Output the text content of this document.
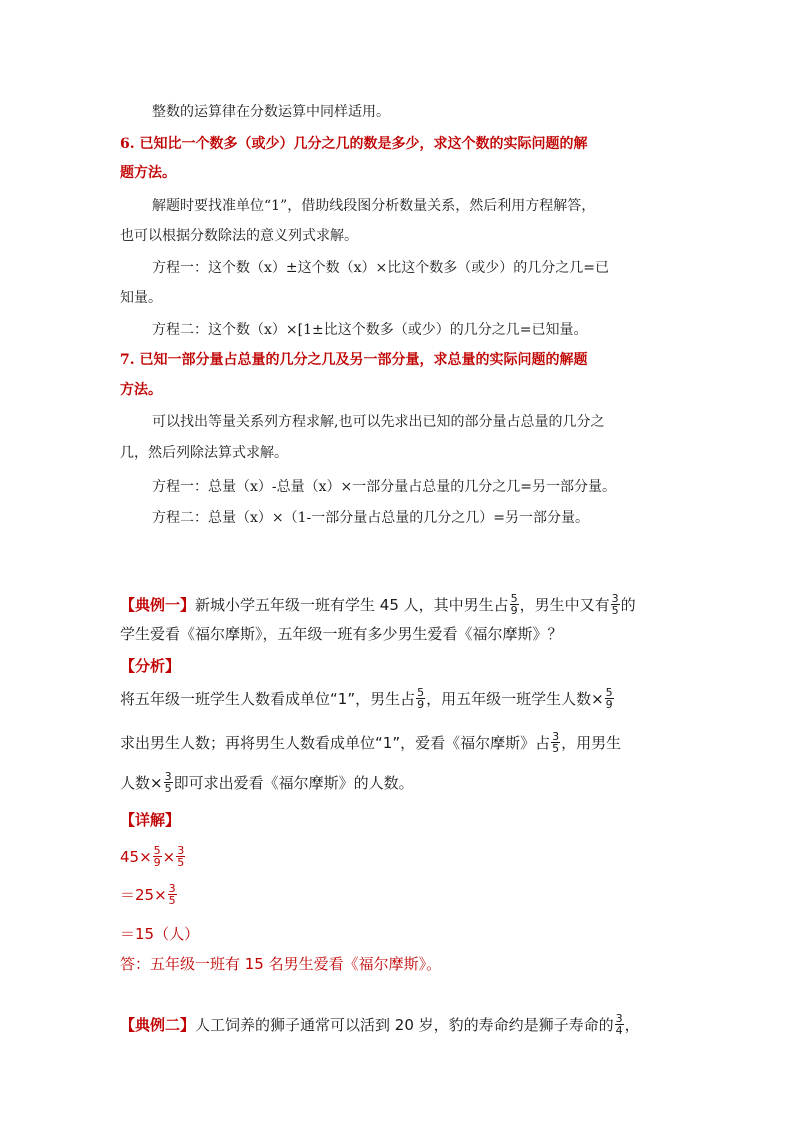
整数的运算律在分数运算中同样适用。
6. 已知比一个数多（或少）几分之几的数是多少，求这个数的实际问题的解
题方法。
解题时要找准单位“1”，借助线段图分析数量关系，然后利用方程解答，
也可以根据分数除法的意义列式求解。
方程一：这个数（x）±这个数（x）×比这个数多（或少）的几分之几=已
知量。
方程二：这个数（x）×[1±比这个数多（或少）的几分之几=已知量。
7. 已知一部分量占总量的几分之几及另一部分量，求总量的实际问题的解题
方法。
可以找出等量关系列方程求解,也可以先求出已知的部分量占总量的几分之
几，然后列除法算式求解。
方程一：总量（x）-总量（x）×一部分量占总量的几分之几=另一部分量。
方程二：总量（x）×（1-一部分量占总量的几分之几）=另一部分量。
【典例一】新城小学五年级一班有学生 45 人，其中男生占 $\frac{5}{9}$ ，男生中又有 $\frac{3}{5}$ 的
学生爱看《福尔摩斯》，五年级一班有多少男生爱看《福尔摩斯》？
【分析】
将五年级一班学生人数看成单位“1”，男生占 $\frac{5}{9}$ ，用五年级一班学生人数× $\frac{5}{9}$
求出男生人数；再将男生人数看成单位“1”，爱看《福尔摩斯》占 $\frac{3}{5}$ ，用男生
人数× $\frac{3}{5}$ 即可求出爱看《福尔摩斯》的人数。
【详解】
$45\times \frac{5}{9} \times \frac{3}{5}$
$=25\times \frac{3}{5}$
＝15（人）
答：五年级一班有 15 名男生爱看《福尔摩斯》。
【典例二】人工饲养的狮子通常可以活到 20 岁，豹的寿命约是狮子寿命的 $\frac{3}{4}$ ，
